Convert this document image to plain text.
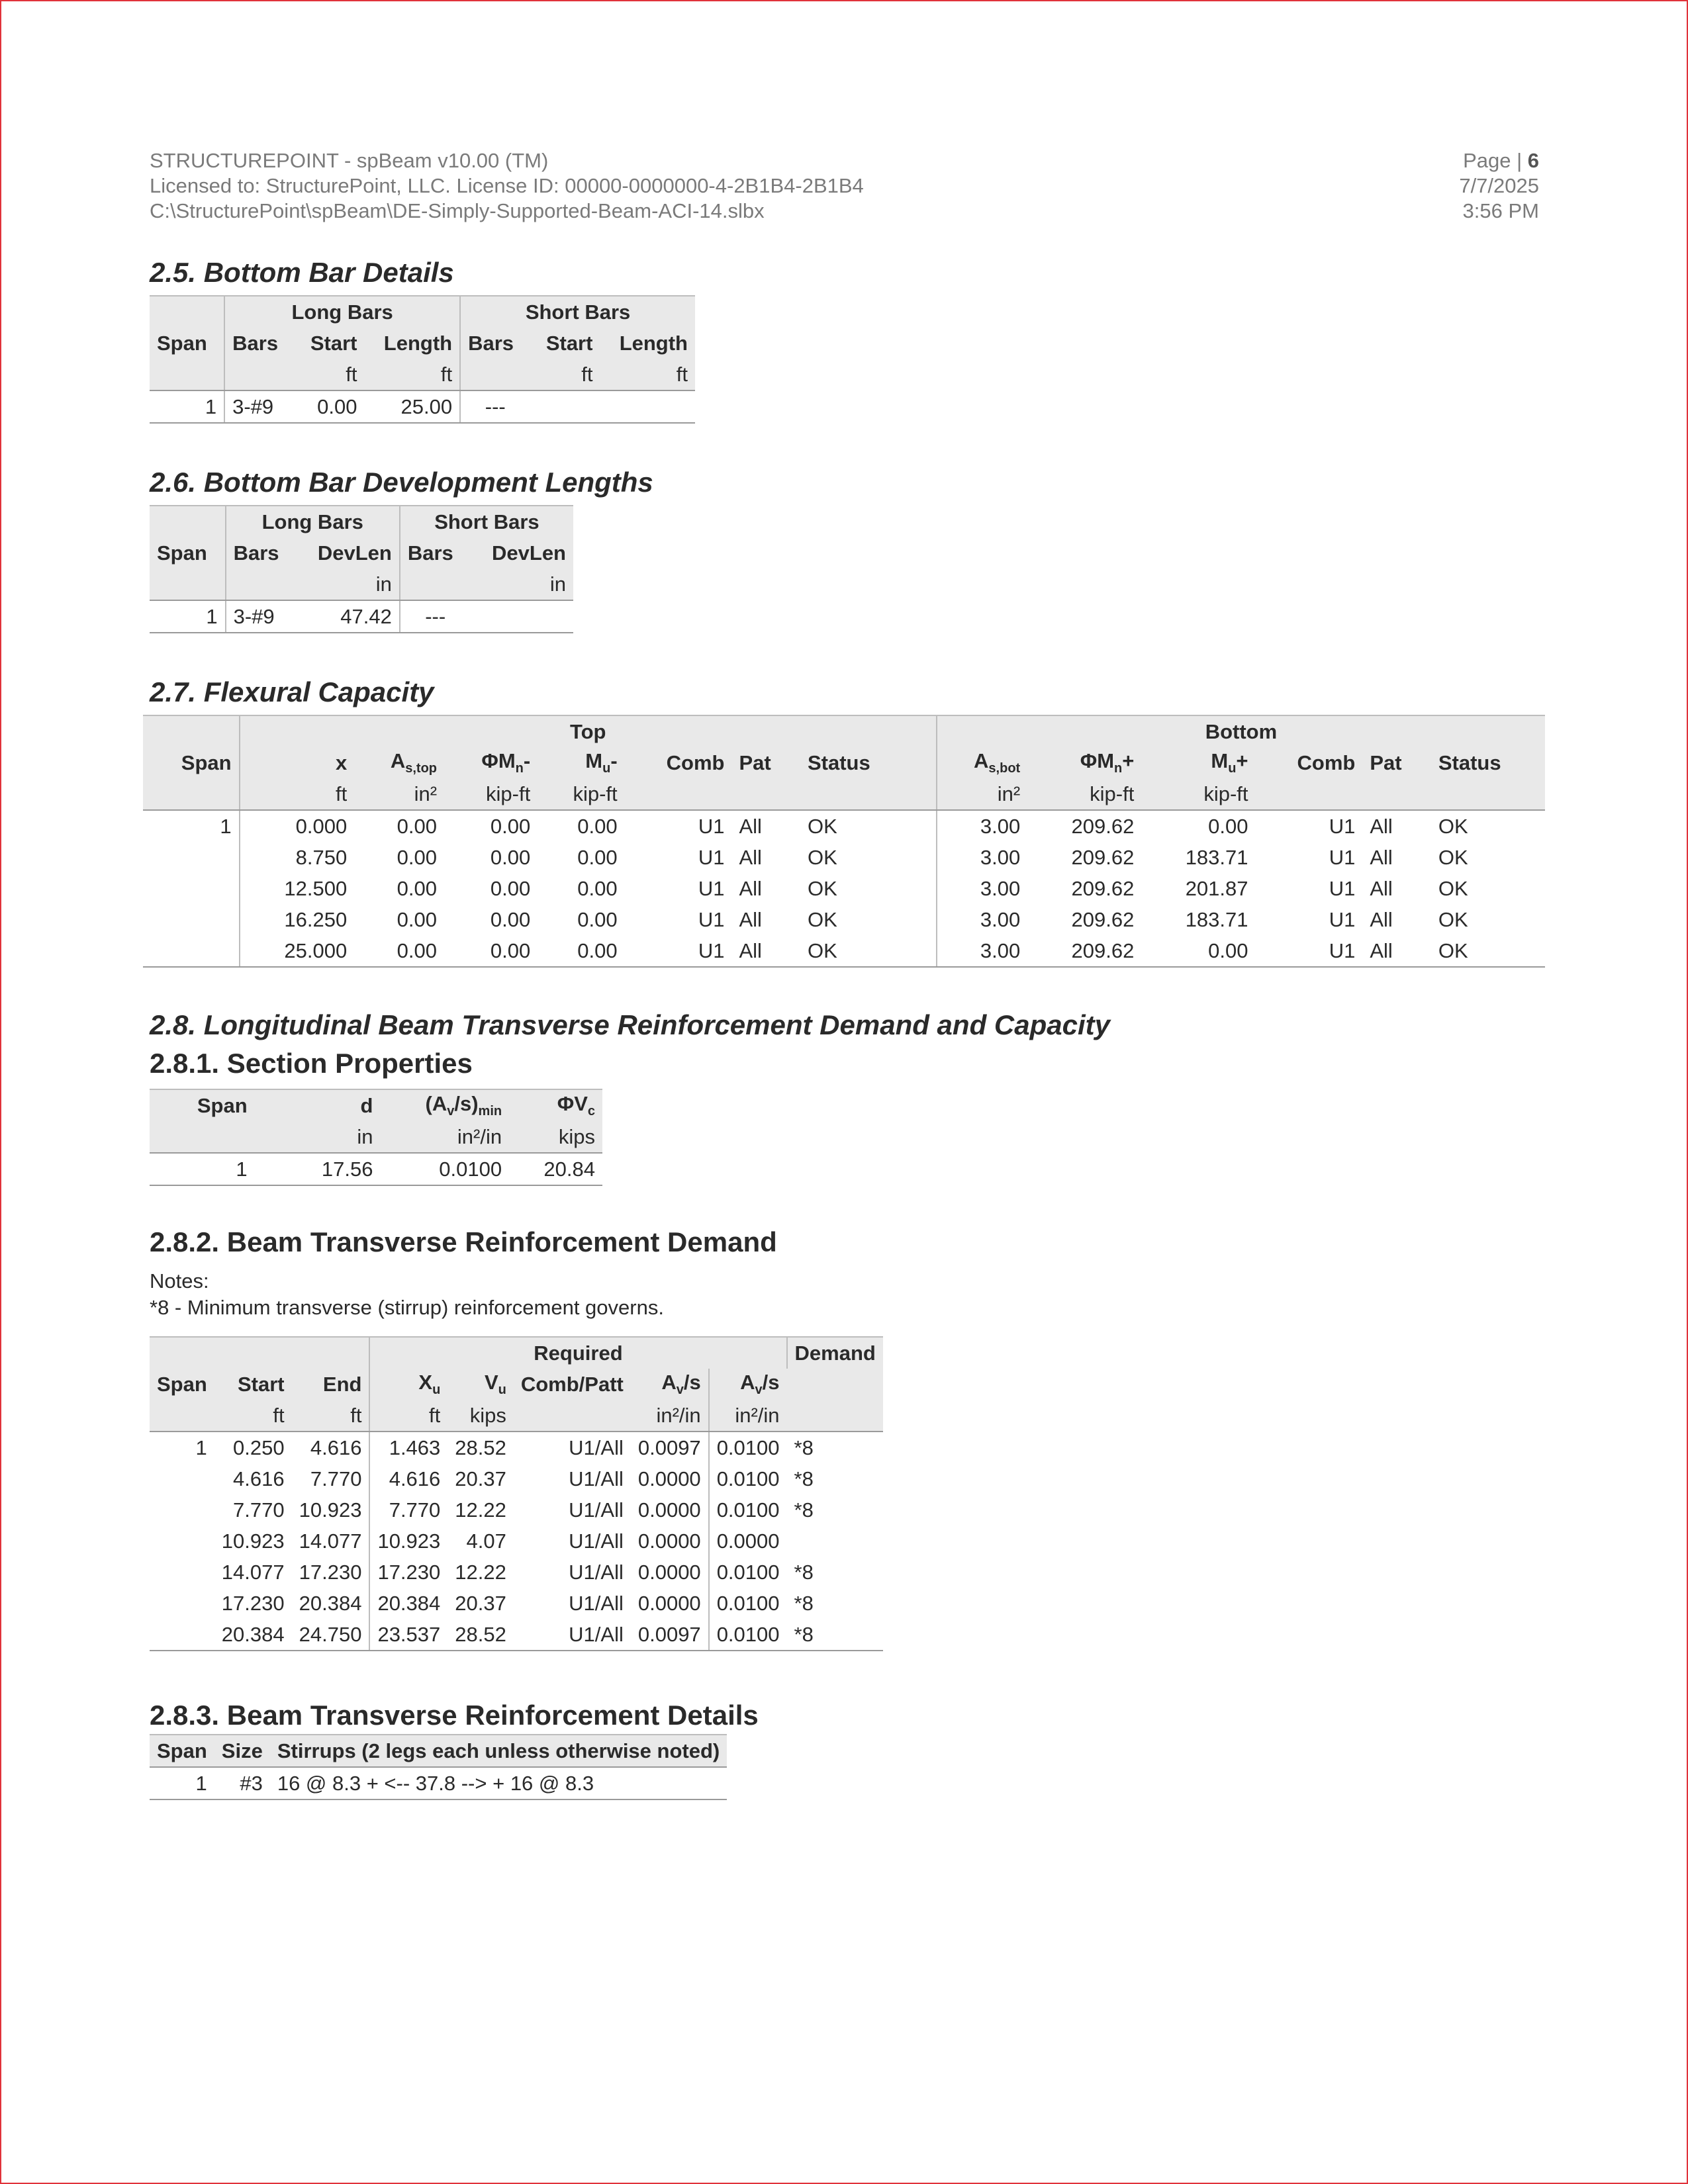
STRUCTUREPOINT - spBeam v10.00 (TM)
Licensed to: StructurePoint, LLC. License ID: 00000-0000000-4-2B1B4-2B1B4
C:\StructurePoint\spBeam\DE-Simply-Supported-Beam-ACI-14.slbx
Page | 6
7/7/2025
3:56 PM
2.5. Bottom Bar Details
	Long Bars			Short Bars		
Span	Bars	Start	Length	Bars	Start	Length
		ft	ft		ft	ft
1	3-#9	0.00	25.00	---		
2.6. Bottom Bar Development Lengths
	Long Bars		Short Bars	
Span	Bars	DevLen	Bars	DevLen
		in		in
1	3-#9	47.42	---	
2.7. Flexural Capacity
	Top								Bottom					
Span	x	$A_{s,top}$	$\Phi M_n-$	$M_u-$	Comb	Pat	Status		$A_{s,bot}$	$\Phi M_n+$	$M_u+$	Comb	Pat	Status
	ft	in²	kip-ft	kip-ft					in²	kip-ft	kip-ft			
1	0.000	0.00	0.00	0.00	U1	All	OK		3.00	209.62	0.00	U1	All	OK
	8.750	0.00	0.00	0.00	U1	All	OK		3.00	209.62	183.71	U1	All	OK
	12.500	0.00	0.00	0.00	U1	All	OK		3.00	209.62	201.87	U1	All	OK
	16.250	0.00	0.00	0.00	U1	All	OK		3.00	209.62	183.71	U1	All	OK
	25.000	0.00	0.00	0.00	U1	All	OK		3.00	209.62	0.00	U1	All	OK
2.8. Longitudinal Beam Transverse Reinforcement Demand and Capacity
2.8.1. Section Properties
Span	d	$(A_v/s)_{min}$	$\Phi V_c$
	in	in²/in	kips
1	17.56	0.0100	20.84
2.8.2. Beam Transverse Reinforcement Demand
Notes:
*8 - Minimum transverse (stirrup) reinforcement governs.
			Required					Demand
Span	Start	End	$X_u$	$V_u$	Comb/Patt	$A_v/s$	$A_v/s$	
	ft	ft	ft	kips		in²/in	in²/in	
1	0.250	4.616	1.463	28.52	U1/All	0.0097	0.0100	*8
	4.616	7.770	4.616	20.37	U1/All	0.0000	0.0100	*8
	7.770	10.923	7.770	12.22	U1/All	0.0000	0.0100	*8
	10.923	14.077	10.923	4.07	U1/All	0.0000	0.0000	
	14.077	17.230	17.230	12.22	U1/All	0.0000	0.0100	*8
	17.230	20.384	20.384	20.37	U1/All	0.0000	0.0100	*8
	20.384	24.750	23.537	28.52	U1/All	0.0097	0.0100	*8
2.8.3. Beam Transverse Reinforcement Details
Span	Size	Stirrups (2 legs each unless otherwise noted)
1	#3	16 @ 8.3 + <-- 37.8 --> + 16 @ 8.3
